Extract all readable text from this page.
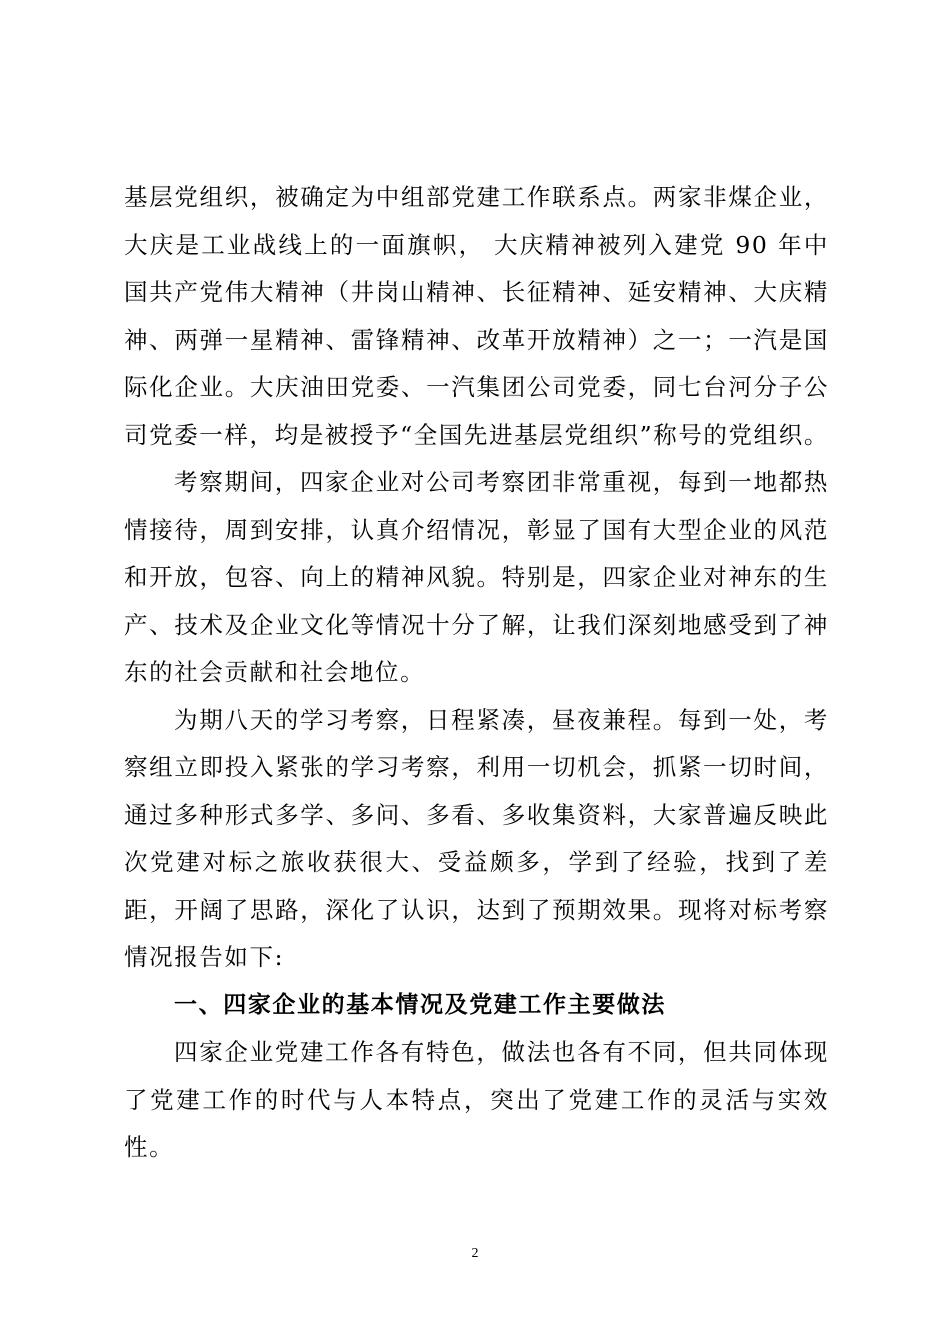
基层党组织，被确定为中组部党建工作联系点。两家非煤企业，大庆是工业战线上的一面旗帜， 大庆精神被列入建党 90 年中国共产党伟大精神（井岗山精神、长征精神、延安精神、大庆精神、两弹一星精神、雷锋精神、改革开放精神）之一；一汽是国际化企业。大庆油田党委、一汽集团公司党委，同七台河分子公司党委一样，均是被授予“全国先进基层党组织”称号的党组织。

考察期间，四家企业对公司考察团非常重视，每到一地都热情接待，周到安排，认真介绍情况，彰显了国有大型企业的风范和开放，包容、向上的精神风貌。特别是，四家企业对神东的生产、技术及企业文化等情况十分了解，让我们深刻地感受到了神东的社会贡献和社会地位。

为期八天的学习考察，日程紧凑，昼夜兼程。每到一处，考察组立即投入紧张的学习考察，利用一切机会，抓紧一切时间，通过多种形式多学、多问、多看、多收集资料，大家普遍反映此次党建对标之旅收获很大、受益颇多，学到了经验，找到了差距，开阔了思路，深化了认识，达到了预期效果。现将对标考察情况报告如下:

一、四家企业的基本情况及党建工作主要做法

四家企业党建工作各有特色，做法也各有不同，但共同体现了党建工作的时代与人本特点，突出了党建工作的灵活与实效性。

2
